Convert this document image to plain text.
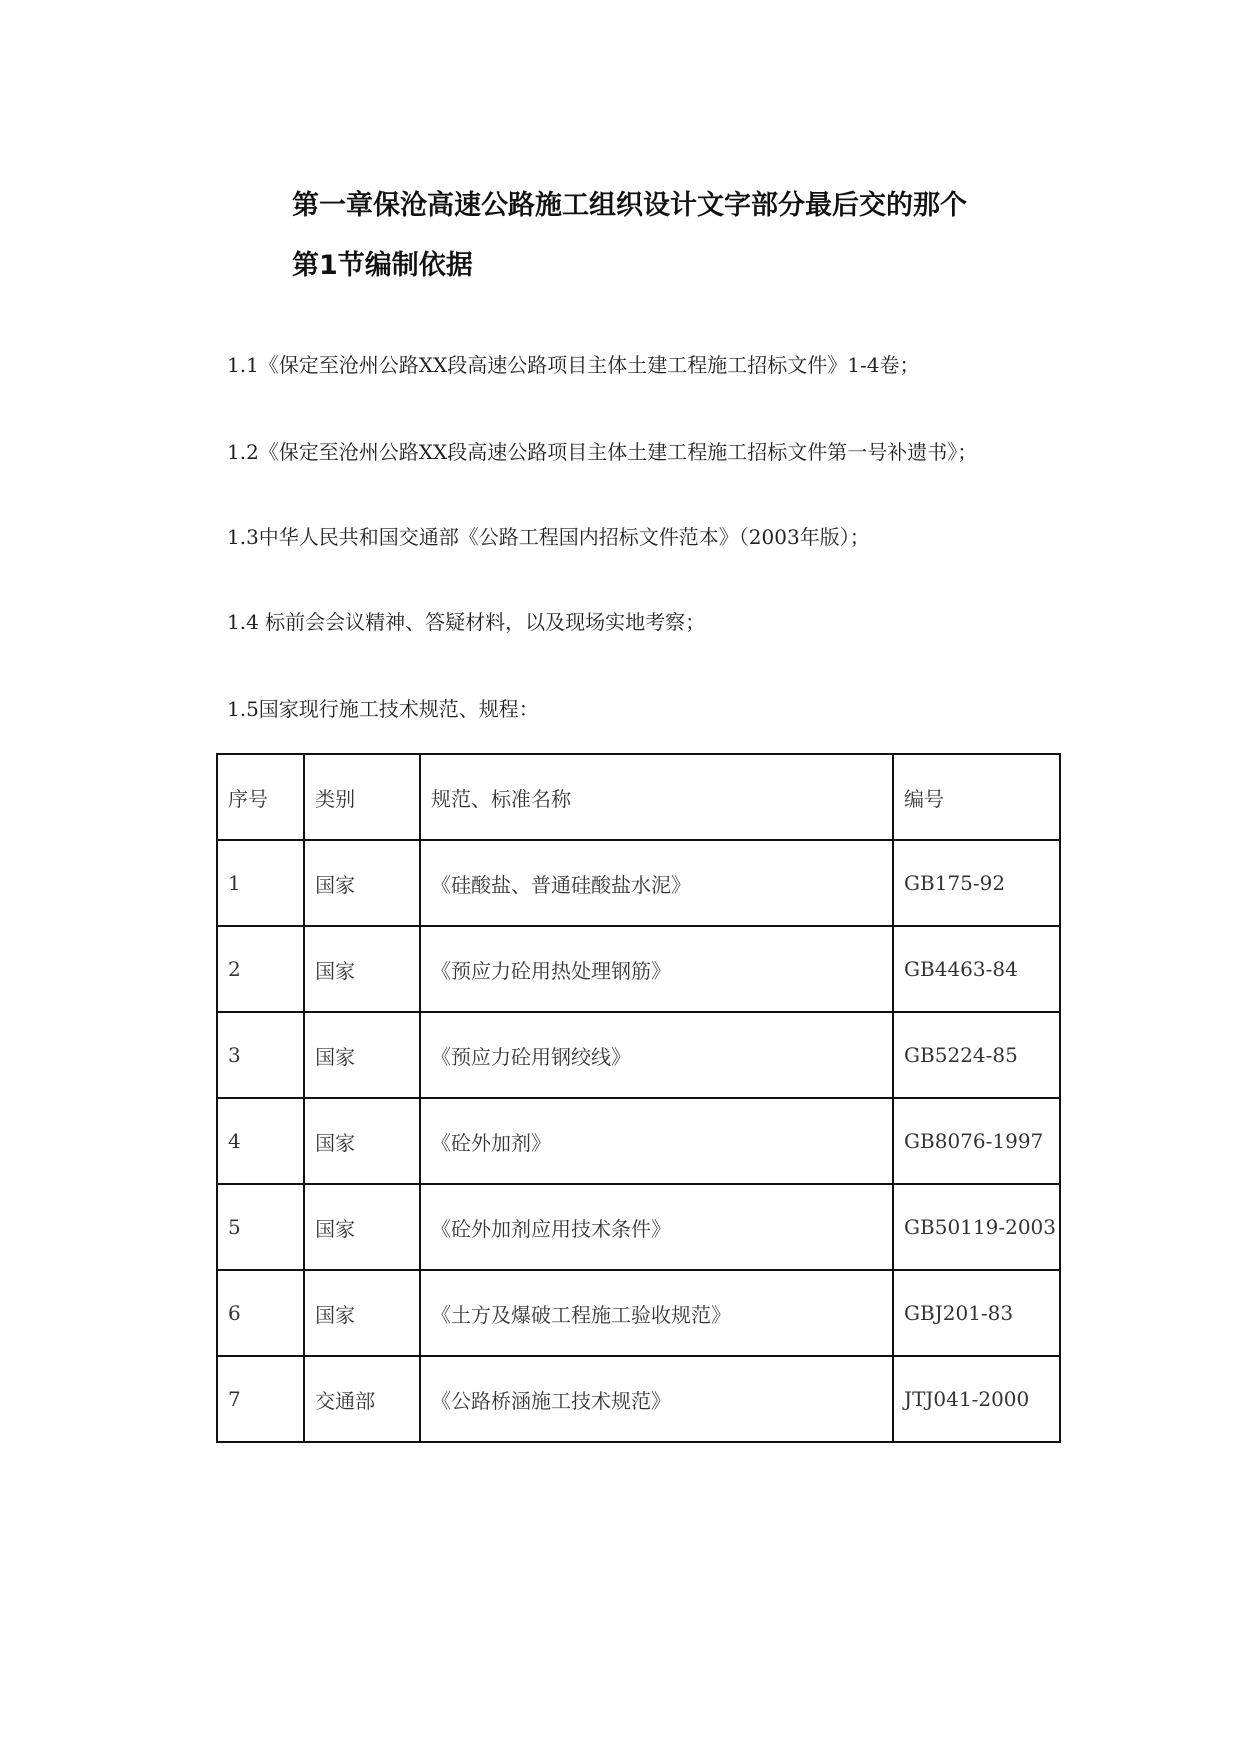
第一章保沧高速公路施工组织设计文字部分最后交的那个
第1节编制依据
1.1《保定至沧州公路XX段高速公路项目主体土建工程施工招标文件》1-4卷；
1.2《保定至沧州公路XX段高速公路项目主体土建工程施工招标文件第一号补遗书》；
1.3中华人民共和国交通部《公路工程国内招标文件范本》（2003年版）；
1.4 标前会会议精神、答疑材料，以及现场实地考察；
1.5国家现行施工技术规范、规程：
序号	类别	规范、标准名称	编号
1	国家	《硅酸盐、普通硅酸盐水泥》	GB175-92
2	国家	《预应力砼用热处理钢筋》	GB4463-84
3	国家	《预应力砼用钢绞线》	GB5224-85
4	国家	《砼外加剂》	GB8076-1997
5	国家	《砼外加剂应用技术条件》	GB50119-2003
6	国家	《土方及爆破工程施工验收规范》	GBJ201-83
7	交通部	《公路桥涵施工技术规范》	JTJ041-2000
